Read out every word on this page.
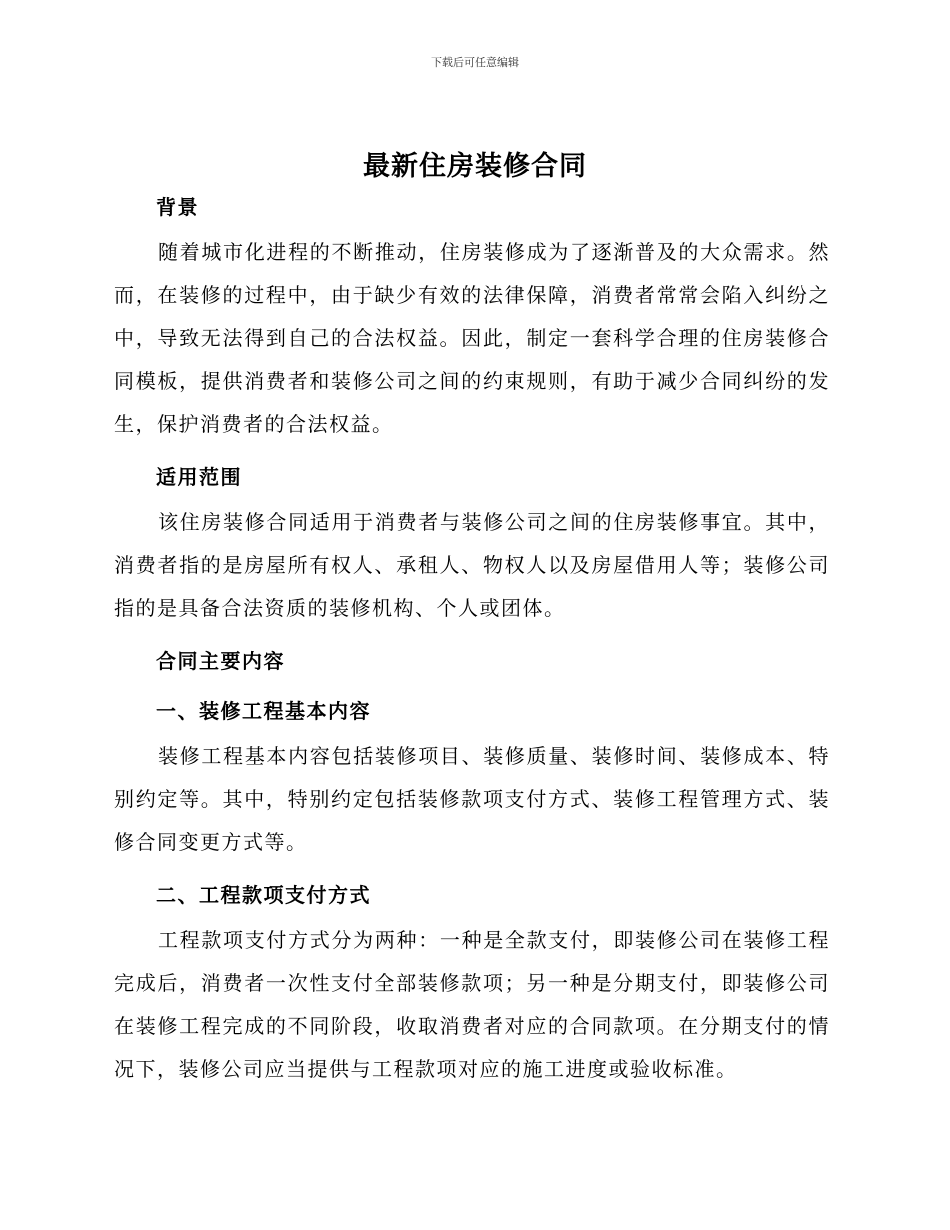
下载后可任意编辑
最新住房装修合同

背景

随着城市化进程的不断推动，住房装修成为了逐渐普及的大众需求。然而，在装修的过程中，由于缺少有效的法律保障，消费者常常会陷入纠纷之中，导致无法得到自己的合法权益。因此，制定一套科学合理的住房装修合同模板，提供消费者和装修公司之间的约束规则，有助于减少合同纠纷的发生，保护消费者的合法权益。

适用范围

该住房装修合同适用于消费者与装修公司之间的住房装修事宜。其中，消费者指的是房屋所有权人、承租人、物权人以及房屋借用人等；装修公司指的是具备合法资质的装修机构、个人或团体。

合同主要内容

一、装修工程基本内容

装修工程基本内容包括装修项目、装修质量、装修时间、装修成本、特别约定等。其中，特别约定包括装修款项支付方式、装修工程管理方式、装修合同变更方式等。

二、工程款项支付方式

工程款项支付方式分为两种：一种是全款支付，即装修公司在装修工程完成后，消费者一次性支付全部装修款项；另一种是分期支付，即装修公司在装修工程完成的不同阶段，收取消费者对应的合同款项。在分期支付的情况下，装修公司应当提供与工程款项对应的施工进度或验收标准。
